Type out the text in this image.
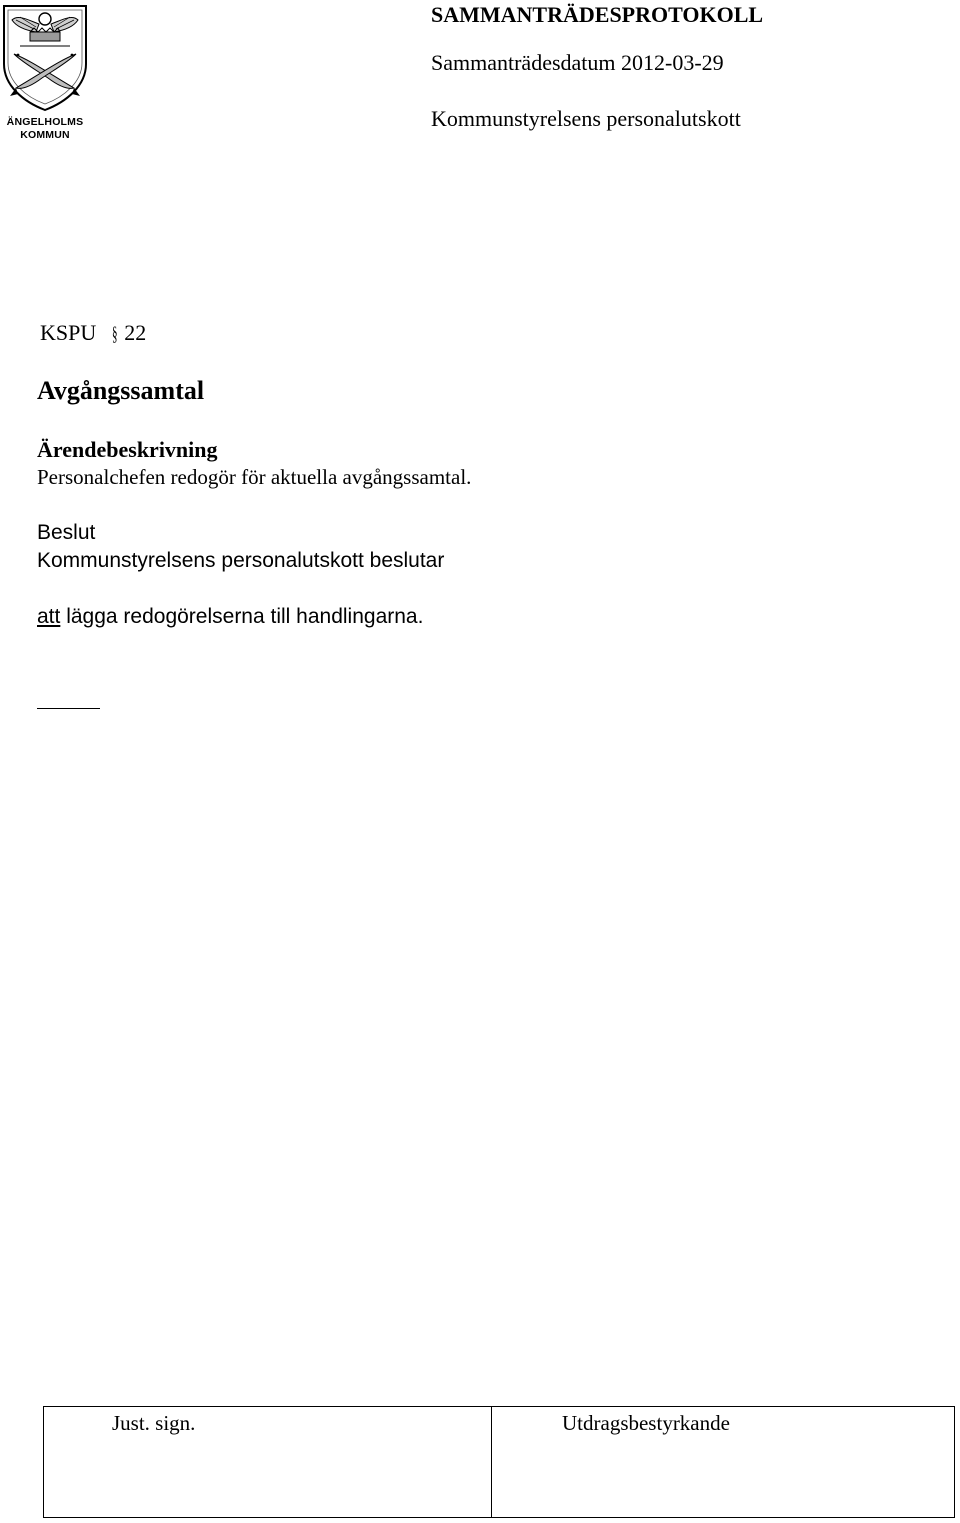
ÄNGELHOLMS
KOMMUN
SAMMANTRÄDESPROTOKOLL
Sammanträdesdatum 2012-03-29
Kommunstyrelsens personalutskott
KSPU § 22
Avgångssamtal
Ärendebeskrivning
Personalchefen redogör för aktuella avgångssamtal.
Beslut
Kommunstyrelsens personalutskott beslutar
att lägga redogörelserna till handlingarna.
Just. sign.	Utdragsbestyrkande
